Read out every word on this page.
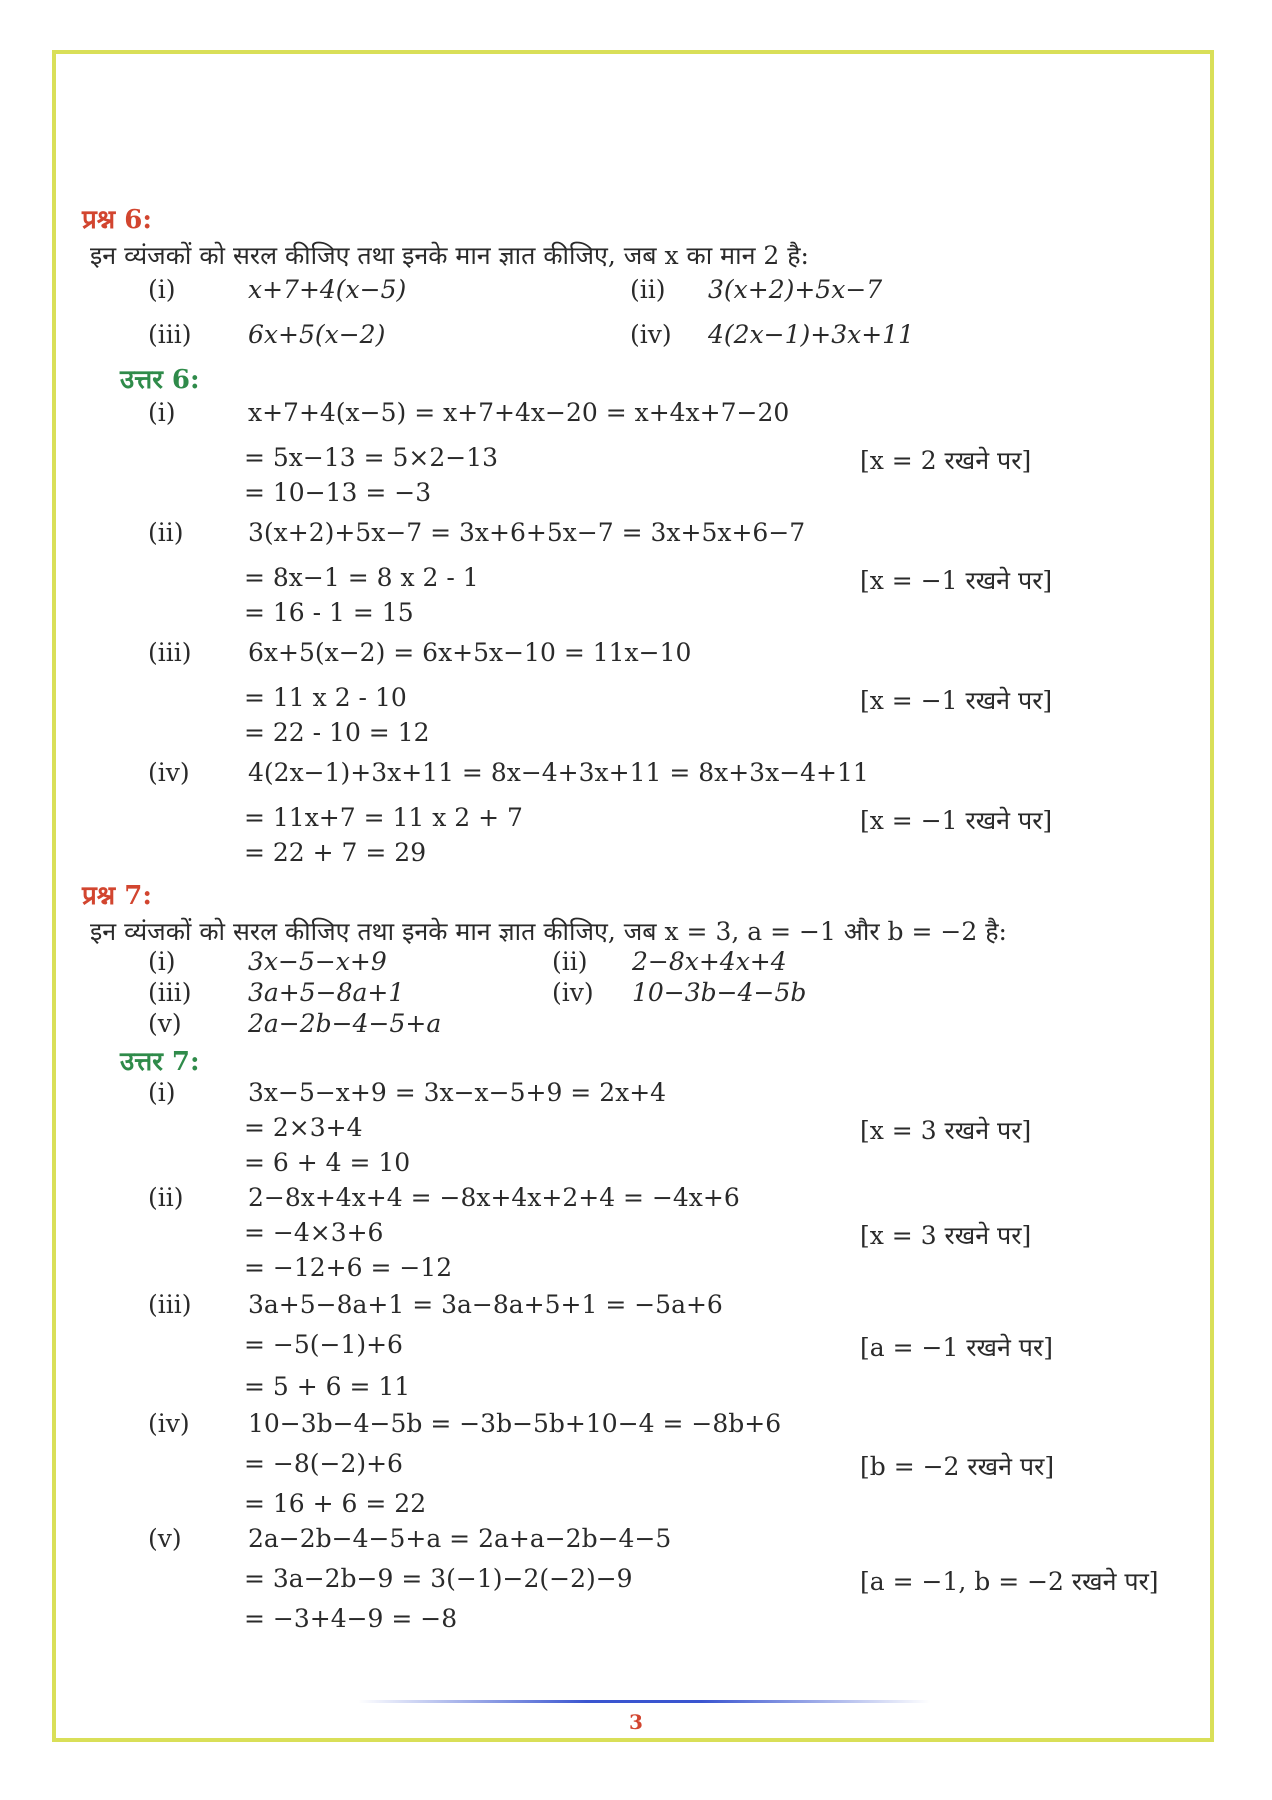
प्रश्न 6:
इन व्यंजकों को सरल कीजिए तथा इनके मान ज्ञात कीजिए, जब x का मान 2 है:
(i)	x+7+4(x−5)	(ii) 3(x+2)+5x−7
(iii) 6x+5(x−2)	(iv) 4(2x−1)+3x+11
उत्तर 6:
(i)	x+7+4(x−5) = x+7+4x−20 = x+4x+7−20
= 5x−13 = 5×2−13	[x = 2 रखने पर]
= 10−13 = −3
(ii)	3(x+2)+5x−7 = 3x+6+5x−7 = 3x+5x+6−7
= 8x−1 = 8 x 2 - 1	[x = −1 रखने पर]
= 16 - 1 = 15
(iii) 6x+5(x−2) = 6x+5x−10 = 11x−10
= 11 x 2 - 10	[x = −1 रखने पर]
= 22 - 10 = 12
(iv) 4(2x−1)+3x+11 = 8x−4+3x+11 = 8x+3x−4+11
= 11x+7 = 11 x 2 + 7	[x = −1 रखने पर]
= 22 + 7 = 29
प्रश्न 7:
इन व्यंजकों को सरल कीजिए तथा इनके मान ज्ञात कीजिए, जब x = 3, a = −1 और b = −2 है:
(i)	3x−5−x+9	(ii) 2−8x+4x+4
(iii) 3a+5−8a+1	(iv) 10−3b−4−5b
(v)	2a−2b−4−5+a
उत्तर 7:
(i)	3x−5−x+9 = 3x−x−5+9 = 2x+4
= 2×3+4	[x = 3 रखने पर]
= 6 + 4 = 10
(ii)	2−8x+4x+4 = −8x+4x+2+4 = −4x+6
= −4×3+6	[x = 3 रखने पर]
= −12+6 = −12
(iii) 3a+5−8a+1 = 3a−8a+5+1 = −5a+6
= −5(−1)+6	[a = −1 रखने पर]
= 5 + 6 = 11
(iv) 10−3b−4−5b = −3b−5b+10−4 = −8b+6
= −8(−2)+6	[b = −2 रखने पर]
= 16 + 6 = 22
(v)	2a−2b−4−5+a = 2a+a−2b−4−5
= 3a−2b−9 = 3(−1)−2(−2)−9	[a = −1, b = −2 रखने पर]
= −3+4−9 = −8
3
